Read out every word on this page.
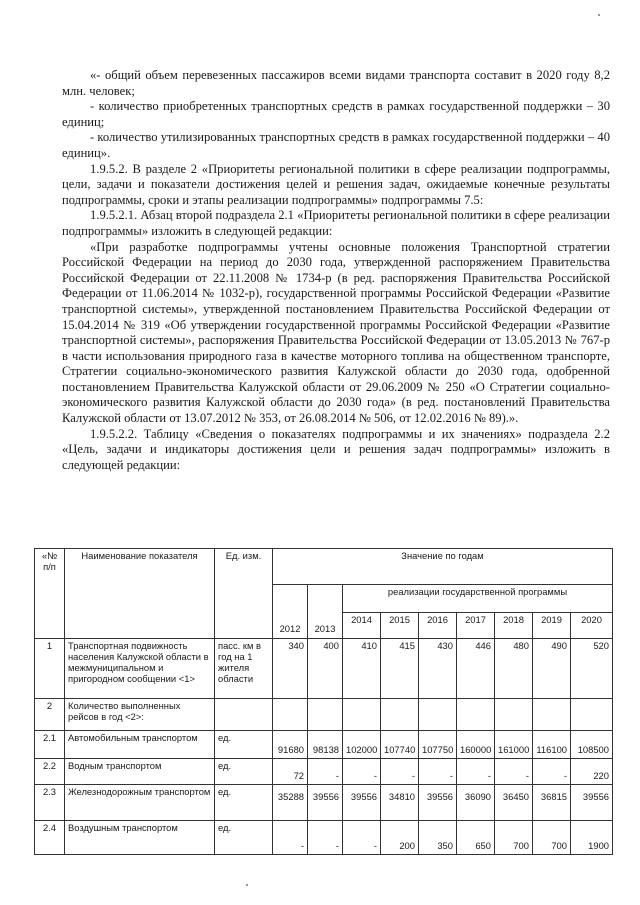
«- общий объем перевезенных пассажиров всеми видами транспорта составит в 2020 году 8,2 млн. человек;

- количество приобретенных транспортных средств в рамках государственной поддержки – 30 единиц;

- количество утилизированных транспортных средств в рамках государственной поддержки – 40 единиц».

1.9.5.2. В разделе 2 «Приоритеты региональной политики в сфере реализации подпрограммы, цели, задачи и показатели достижения целей и решения задач, ожидаемые конечные результаты подпрограммы, сроки и этапы реализации подпрограммы» подпрограммы 7.5:

1.9.5.2.1. Абзац второй подраздела 2.1 «Приоритеты региональной политики в сфере реализации подпрограммы» изложить в следующей редакции:

«При разработке подпрограммы учтены основные положения Транспортной стратегии Российской Федерации на период до 2030 года, утвержденной распоряжением Правительства Российской Федерации от 22.11.2008 № 1734-р (в ред. распоряжения Правительства Российской Федерации от 11.06.2014 № 1032-р), государственной программы Российской Федерации «Развитие транспортной системы», утвержденной постановлением Правительства Российской Федерации от 15.04.2014 № 319 «Об утверждении государственной программы Российской Федерации «Развитие транспортной системы», распоряжения Правительства Российской Федерации от 13.05.2013 № 767-р в части использования природного газа в качестве моторного топлива на общественном транспорте, Стратегии социально-экономического развития Калужской области до 2030 года, одобренной постановлением Правительства Калужской области от 29.06.2009 № 250 «О Стратегии социально-экономического развития Калужской области до 2030 года» (в ред. постановлений Правительства Калужской области от 13.07.2012 № 353, от 26.08.2014 № 506, от 12.02.2016 № 89).».

1.9.5.2.2. Таблицу «Сведения о показателях подпрограммы и их значениях» подраздела 2.2 «Цель, задачи и индикаторы достижения цели и решения задач подпрограммы» изложить в следующей редакции:

«№ п/п	Наименование показателя	Ед. изм.	Значение по годам								
			2012	2013	реализации государственной программы						
					2014	2015	2016	2017	2018	2019	2020
1	Транспортная подвижность населения Калужской области в межмуниципальном и пригородном сообщении <1>	пасс. км в год на 1 жителя области	340	400	410	415	430	446	480	490	520
2	Количество выполненных рейсов в год <2>:										
2.1	Автомобильным транспортом	ед.	91680	98138	102000	107740	107750	160000	161000	116100	108500
2.2	Водным транспортом	ед.	72	-	-	-	-	-	-	-	220
2.3	Железнодорожным транспортом	ед.	35288	39556	39556	34810	39556	36090	36450	36815	39556
2.4	Воздушным транспортом	ед.	-	-	-	200	350	650	700	700	1900
